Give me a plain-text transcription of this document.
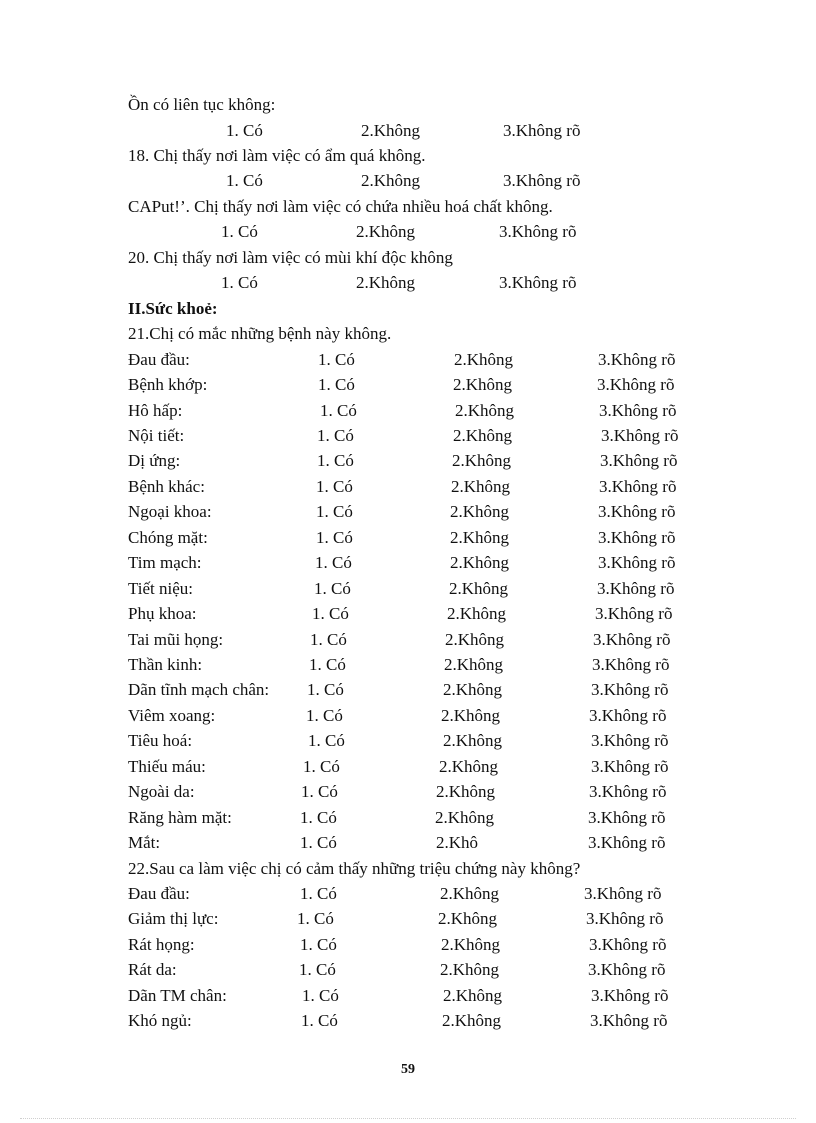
Ồn có liên tục không:
1. Có	2.Không	3.Không rõ
18. Chị thấy nơi làm việc có ẩm quá không.
1. Có	2.Không	3.Không rõ
CAPut!’. Chị thấy nơi làm việc có chứa nhiều hoá chất không.
1. Có	2.Không	3.Không rõ
20. Chị thấy nơi làm việc có mùi khí độc không
1. Có	2.Không	3.Không rõ
II.Sức khoẻ:
21.Chị có mắc những bệnh này không.
Đau đầu:	1. Có	2.Không	3.Không rõ
Bệnh khớp:	1. Có	2.Không	3.Không rõ
Hô hấp:	1. Có	2.Không	3.Không rõ
Nội tiết:	1. Có	2.Không	3.Không rõ
Dị ứng:	1. Có	2.Không	3.Không rõ
Bệnh khác:	1. Có	2.Không	3.Không rõ
Ngoại khoa:	1. Có	2.Không	3.Không rõ
Chóng mặt:	1. Có	2.Không	3.Không rõ
Tim mạch:	1. Có	2.Không	3.Không rõ
Tiết niệu:	1. Có	2.Không	3.Không rõ
Phụ khoa:	1. Có	2.Không	3.Không rõ
Tai mũi họng:	1. Có	2.Không	3.Không rõ
Thần kinh:	1. Có	2.Không	3.Không rõ
Dãn tĩnh mạch chân: 1. Có	2.Không	3.Không rõ
Viêm xoang:	1. Có	2.Không	3.Không rõ
Tiêu hoá:	1. Có	2.Không	3.Không rõ
Thiếu máu:	1. Có	2.Không	3.Không rõ
Ngoài da:	1. Có	2.Không	3.Không rõ
Răng hàm mặt:	1. Có	2.Không	3.Không rõ
Mắt:	1. Có	2.Khô	3.Không rõ
22.Sau ca làm việc chị có cảm thấy những triệu chứng này không?
Đau đầu:	1. Có	2.Không	3.Không rõ
Giảm thị lực:	1. Có	2.Không	3.Không rõ
Rát họng:	1. Có	2.Không	3.Không rõ
Rát da:	1. Có	2.Không	3.Không rõ
Dãn TM chân:	1. Có	2.Không	3.Không rõ
Khó ngủ:	1. Có	2.Không	3.Không rõ
59
